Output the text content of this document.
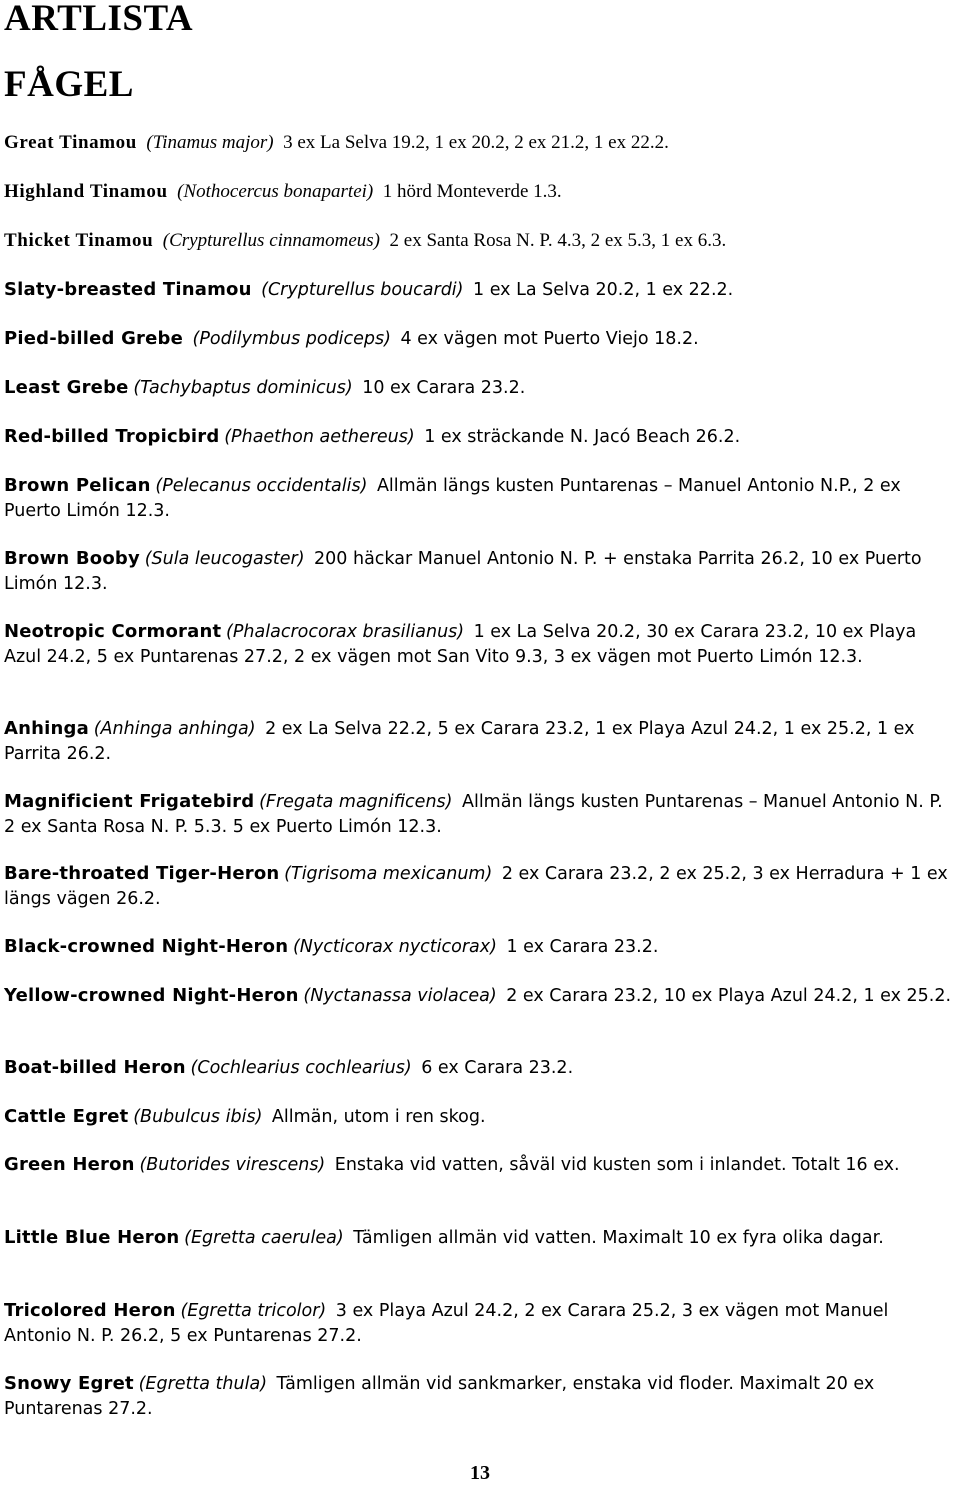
ARTLISTA
FÅGEL

Great Tinamou (Tinamus major) 3 ex La Selva 19.2, 1 ex 20.2, 2 ex 21.2, 1 ex 22.2.

Highland Tinamou (Nothocercus bonapartei) 1 hörd Monteverde 1.3.

Thicket Tinamou (Crypturellus cinnamomeus) 2 ex Santa Rosa N. P. 4.3, 2 ex 5.3, 1 ex 6.3.

Slaty-breasted Tinamou (Crypturellus boucardi) 1 ex La Selva 20.2, 1 ex 22.2.

Pied-billed Grebe (Podilymbus podiceps) 4 ex vägen mot Puerto Viejo 18.2.

Least Grebe (Tachybaptus dominicus) 10 ex Carara 23.2.

Red-billed Tropicbird (Phaethon aethereus) 1 ex sträckande N. Jacó Beach 26.2.

Brown Pelican (Pelecanus occidentalis) Allmän längs kusten Puntarenas – Manuel Antonio N.P., 2 ex Puerto Limón 12.3.

Brown Booby (Sula leucogaster) 200 häckar Manuel Antonio N. P. + enstaka Parrita 26.2, 10 ex Puerto Limón 12.3.

Neotropic Cormorant (Phalacrocorax brasilianus) 1 ex La Selva 20.2, 30 ex Carara 23.2, 10 ex Playa Azul 24.2, 5 ex Puntarenas 27.2, 2 ex vägen mot San Vito 9.3, 3 ex vägen mot Puerto Limón 12.3.

Anhinga (Anhinga anhinga) 2 ex La Selva 22.2, 5 ex Carara 23.2, 1 ex Playa Azul 24.2, 1 ex 25.2, 1 ex Parrita 26.2.

Magnificient Frigatebird (Fregata magnificens) Allmän längs kusten Puntarenas – Manuel Antonio N. P. 2 ex Santa Rosa N. P. 5.3. 5 ex Puerto Limón 12.3.

Bare-throated Tiger-Heron (Tigrisoma mexicanum) 2 ex Carara 23.2, 2 ex 25.2, 3 ex Herradura + 1 ex längs vägen 26.2.

Black-crowned Night-Heron (Nycticorax nycticorax) 1 ex Carara 23.2.

Yellow-crowned Night-Heron (Nyctanassa violacea) 2 ex Carara 23.2, 10 ex Playa Azul 24.2, 1 ex 25.2.

Boat-billed Heron (Cochlearius cochlearius) 6 ex Carara 23.2.

Cattle Egret (Bubulcus ibis) Allmän, utom i ren skog.

Green Heron (Butorides virescens) Enstaka vid vatten, såväl vid kusten som i inlandet. Totalt 16 ex.

Little Blue Heron (Egretta caerulea) Tämligen allmän vid vatten. Maximalt 10 ex fyra olika dagar.

Tricolored Heron (Egretta tricolor) 3 ex Playa Azul 24.2, 2 ex Carara 25.2, 3 ex vägen mot Manuel Antonio N. P. 26.2, 5 ex Puntarenas 27.2.

Snowy Egret (Egretta thula) Tämligen allmän vid sankmarker, enstaka vid floder. Maximalt 20 ex Puntarenas 27.2.

13
